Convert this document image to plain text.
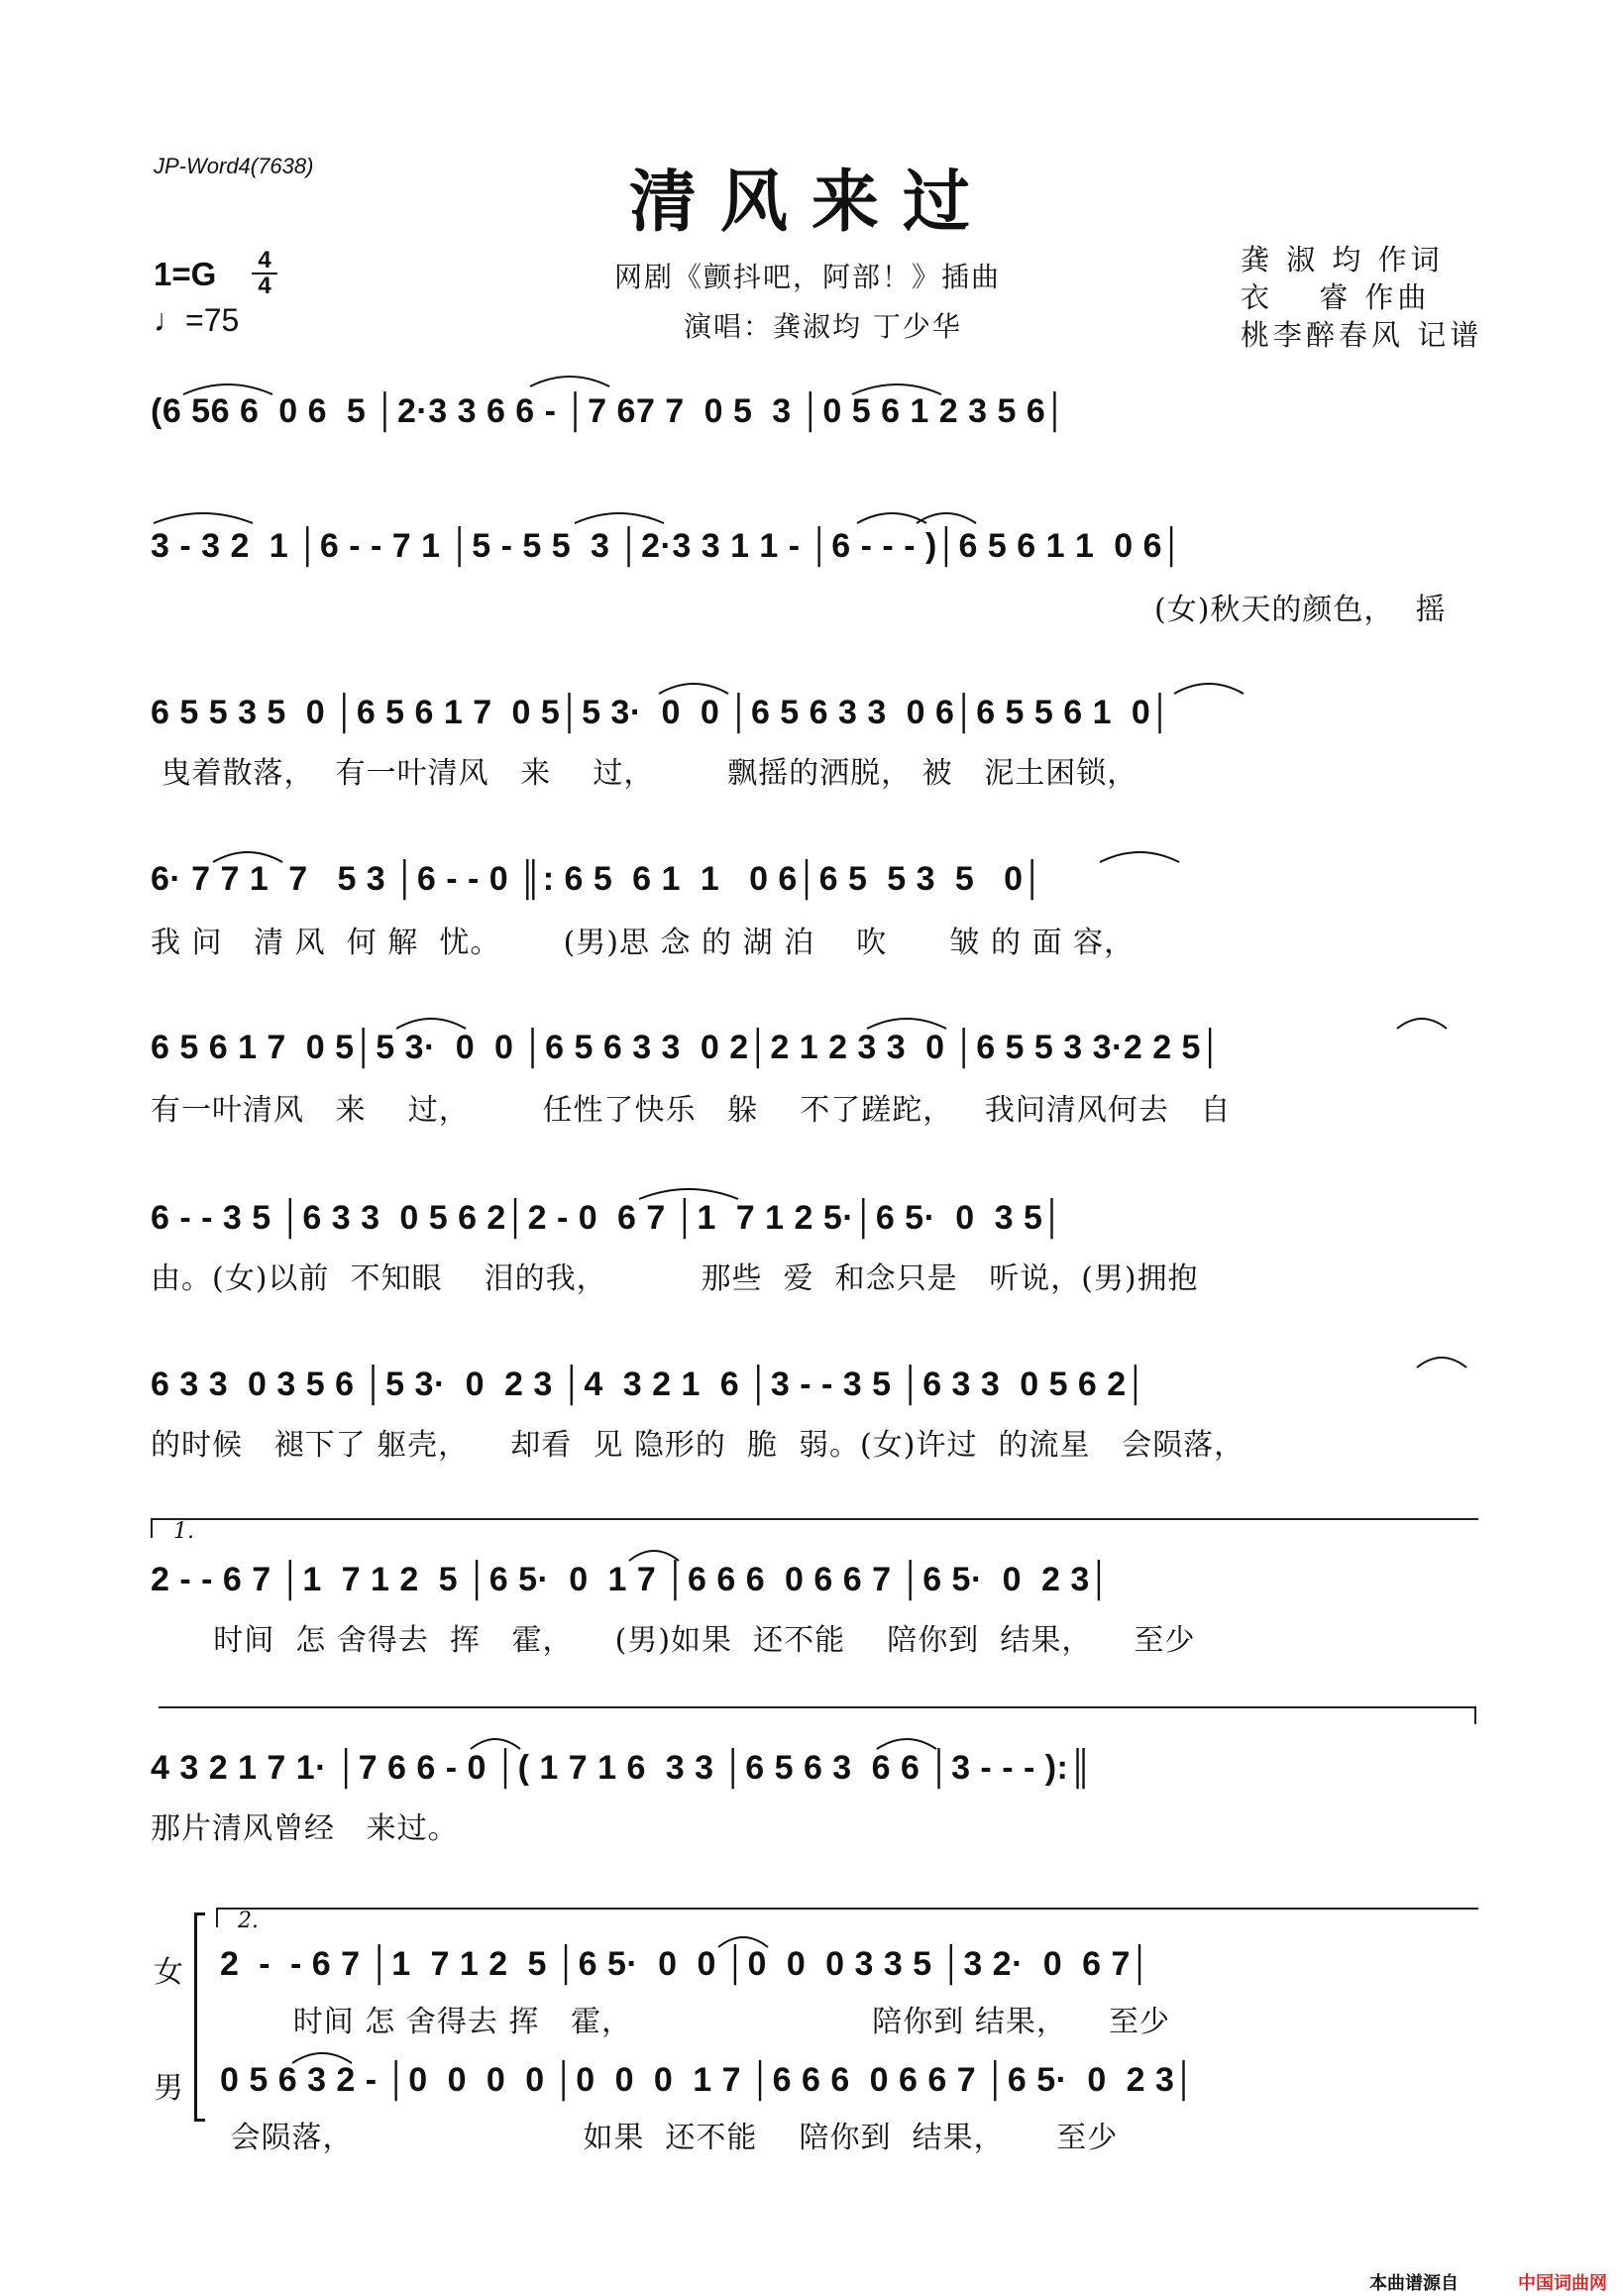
JP-Word4(7638)	清风来过
1=G 4
4
♩=75
网剧《颤抖吧，阿部！》插曲
演唱：龚淑均 丁少华
龚 淑 均 作词
衣　 睿 作曲
桃李醉春风 记谱
(6 56 6  0 6  5 │2·3 3 6 6 - │7 67 7  0 5  3 │0 5 6 1 2 3 5 6│
3 - 3 2  1 │6 - - 7 1 │5 - 5 5  3 │2·3 3 1 1 - │6 - - - )│6 5 6 1 1  0 6│
(女)秋天的颜色，  摇
6 5 5 3 5  0 │6 5 6 1 7  0 5│5 3·  0  0 │6 5 6 3 3  0 6│6 5 5 6 1  0│
曳着散落，  有一叶清风   来    过，       飘摇的洒脱， 被   泥土困锁，
6· 7 7 1  7   5 3 │6 - - 0 ║: 6 5  6 1  1   0 6│6 5  5 3  5   0│
我 问   清 风  何 解  忧。      (男)思 念 的 湖 泊    吹      皱 的 面 容，
6 5 6 1 7  0 5│5 3·  0  0 │6 5 6 3 3  0 2│2 1 2 3 3  0 │6 5 5 3 3·2 2 5│
有一叶清风   来    过，       任性了快乐   躲    不了蹉跎，   我问清风何去   自
6 - - 3 5 │6 3 3  0 5 6 2│2 - 0  6 7 │1  7 1 2 5·│6 5·  0  3 5│
由。(女)以前  不知眼    泪的我，         那些  爱  和念只是   听说，(男)拥抱
6 3 3  0 3 5 6 │5 3·  0  2 3 │4  3 2 1  6 │3 - - 3 5 │6 3 3  0 5 6 2│
的时候   褪下了 躯壳，    却看  见 隐形的  脆  弱。(女)许过  的流星   会陨落，
1.
2 - - 6 7 │1  7 1 2  5 │6 5·  0  1 7 │6 6 6  0 6 6 7 │6 5·  0  2 3│
时间  怎 舍得去  挥   霍，    (男)如果  还不能    陪你到  结果，    至少
4 3 2 1 7 1· │7 6 6 - 0 │( 1 7 1 6  3 3 │6 5 6 3  6 6 │3 - - - ):║
那片清风曾经   来过。
2.
女 2  -  - 6 7 │1  7 1 2  5 │6 5·  0  0 │0  0  0 3 3 5 │3 2·  0  6 7│
时间 怎 舍得去 挥   霍，                       陪你到 结果，    至少
男 0 5 6 3 2 - │0  0  0  0 │0  0  0  1 7 │6 6 6  0 6 6 7 │6 5·  0  2 3│
会陨落，                      如果  还不能    陪你到  结果，     至少
本曲谱源自	中国词曲网
